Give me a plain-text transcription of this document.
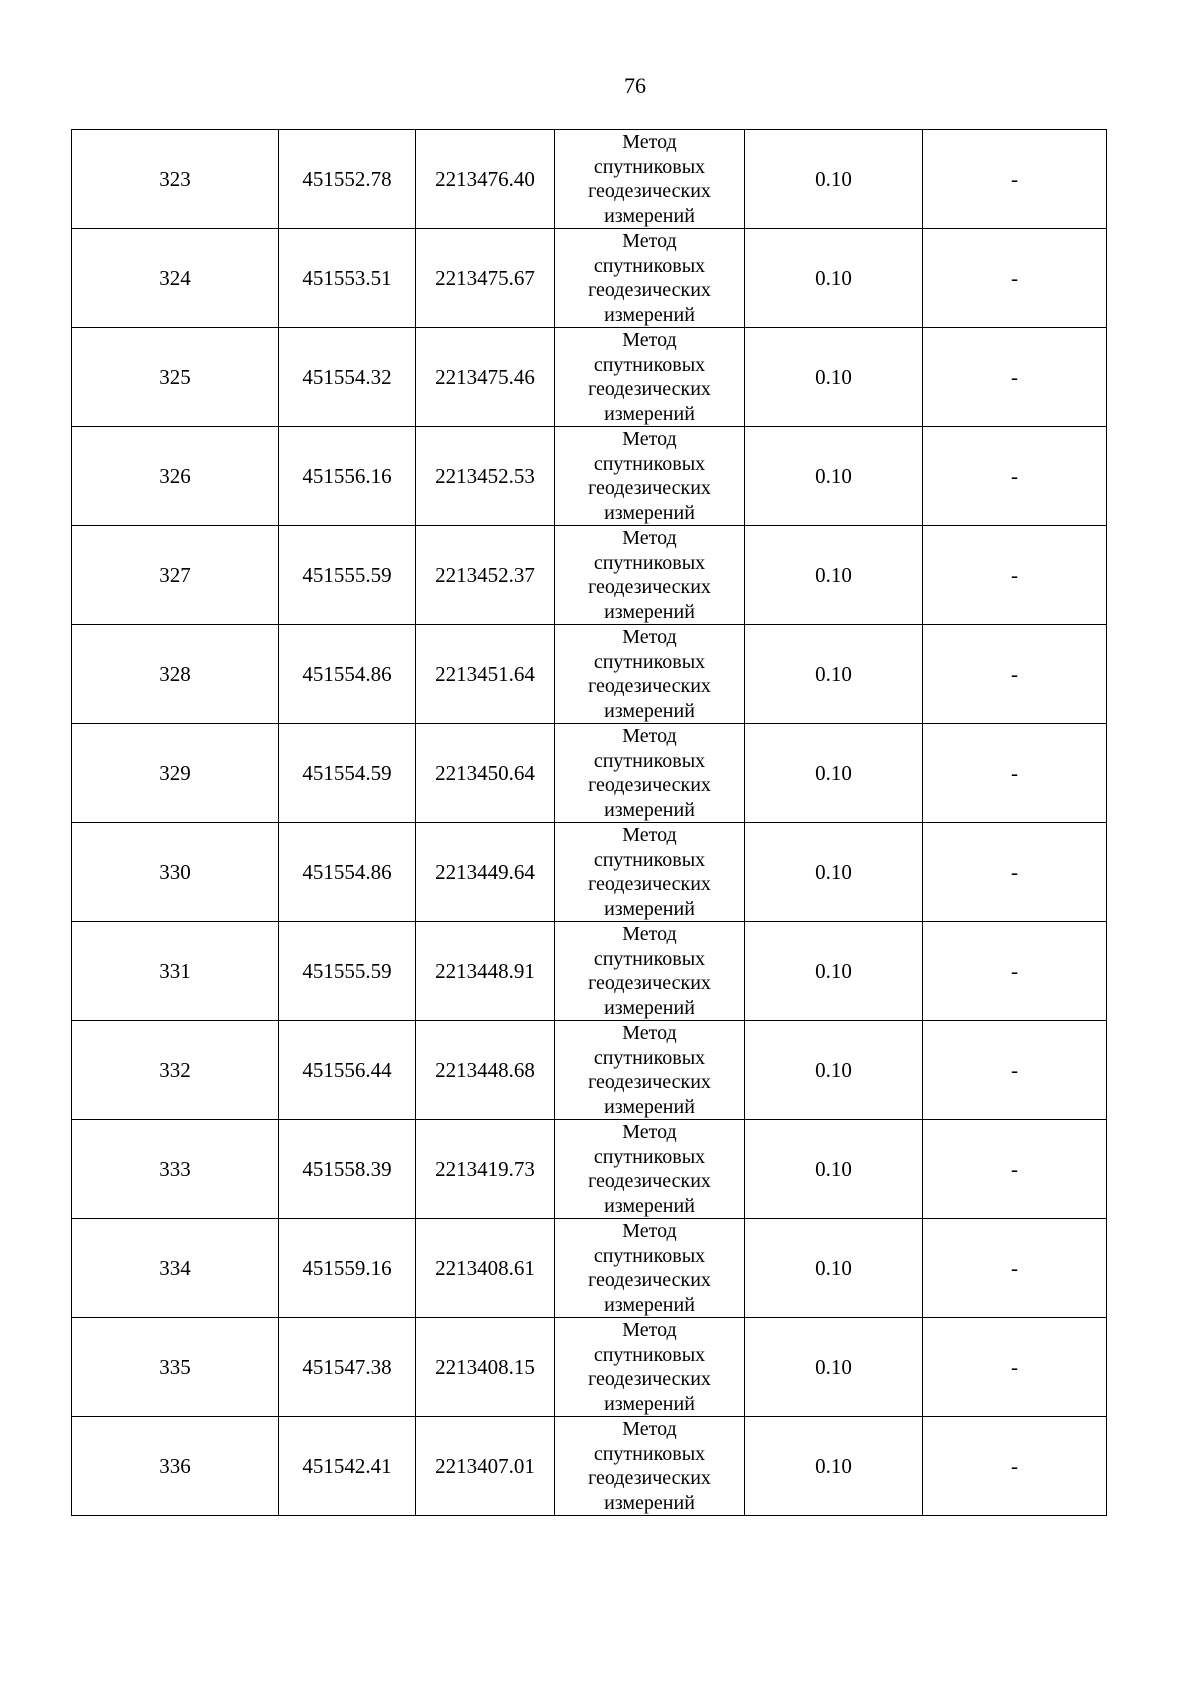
76
323	451552.78	2213476.40	Метод
спутниковых
геодезических
измерений	0.10	-
324	451553.51	2213475.67	Метод
спутниковых
геодезических
измерений	0.10	-
325	451554.32	2213475.46	Метод
спутниковых
геодезических
измерений	0.10	-
326	451556.16	2213452.53	Метод
спутниковых
геодезических
измерений	0.10	-
327	451555.59	2213452.37	Метод
спутниковых
геодезических
измерений	0.10	-
328	451554.86	2213451.64	Метод
спутниковых
геодезических
измерений	0.10	-
329	451554.59	2213450.64	Метод
спутниковых
геодезических
измерений	0.10	-
330	451554.86	2213449.64	Метод
спутниковых
геодезических
измерений	0.10	-
331	451555.59	2213448.91	Метод
спутниковых
геодезических
измерений	0.10	-
332	451556.44	2213448.68	Метод
спутниковых
геодезических
измерений	0.10	-
333	451558.39	2213419.73	Метод
спутниковых
геодезических
измерений	0.10	-
334	451559.16	2213408.61	Метод
спутниковых
геодезических
измерений	0.10	-
335	451547.38	2213408.15	Метод
спутниковых
геодезических
измерений	0.10	-
336	451542.41	2213407.01	Метод
спутниковых
геодезических
измерений	0.10	-
